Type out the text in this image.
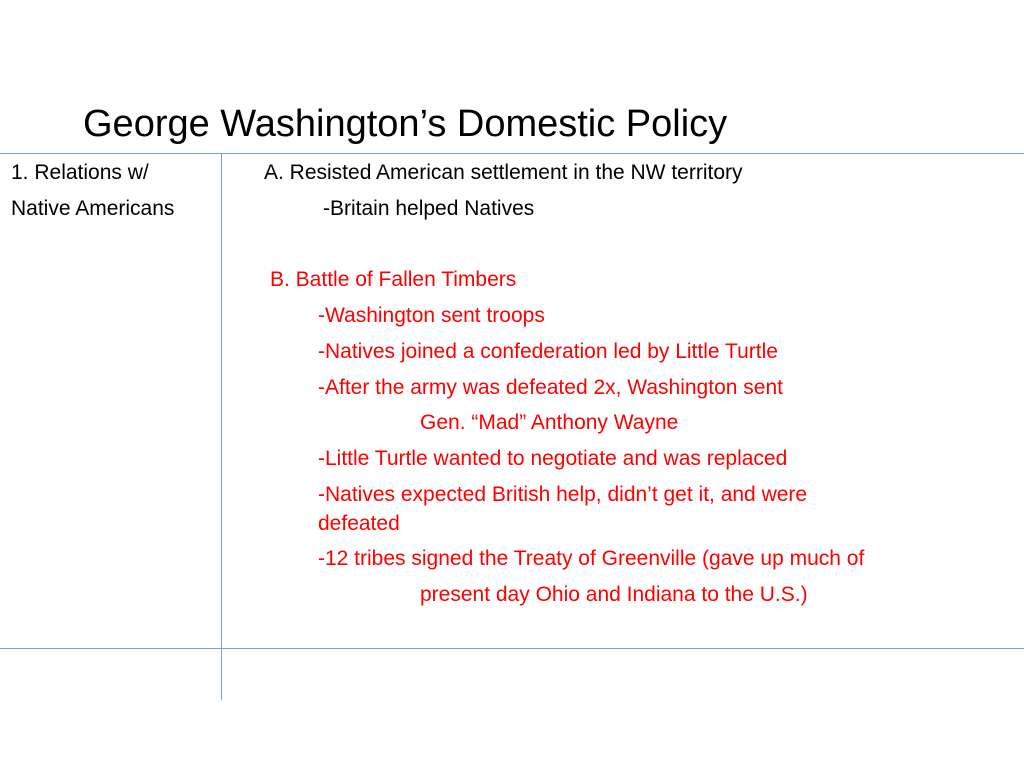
George Washington’s Domestic Policy
1. Relations w/
Native Americans
A. Resisted American settlement in the NW territory
-Britain helped Natives
B. Battle of Fallen Timbers
-Washington sent troops
-Natives joined a confederation led by Little Turtle
-After the army was defeated 2x, Washington sent
Gen. “Mad” Anthony Wayne
-Little Turtle wanted to negotiate and was replaced
-Natives expected British help, didn’t get it, and were
defeated
-12 tribes signed the Treaty of Greenville (gave up much of
present day Ohio and Indiana to the U.S.)
